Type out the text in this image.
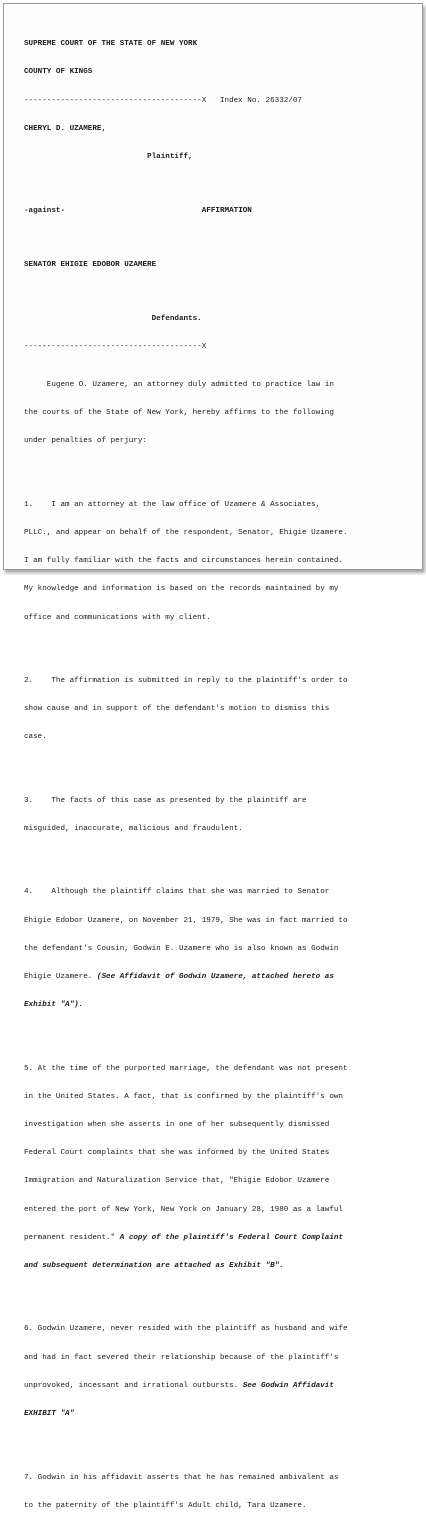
SUPREME COURT OF THE STATE OF NEW YORK

COUNTY OF KINGS

---------------------------------------X Index No. 26332/07

CHERYL D. UZAMERE,

Plaintiff,

-against-	AFFIRMATION

SENATOR EHIGIE EDOBOR UZAMERE

Defendants.

---------------------------------------X

Eugene O. Uzamere, an attorney duly admitted to practice law in

the courts of the State of New York, hereby affirms to the following

under penalties of perjury:

1.    I am an attorney at the law office of Uzamere & Associates,

PLLC., and appear on behalf of the respondent, Senator, Ehigie Uzamere.

I am fully familiar with the facts and circumstances herein contained.

My knowledge and information is based on the records maintained by my

office and communications with my client.

2.    The affirmation is submitted in reply to the plaintiff's order to

show cause and in support of the defendant's motion to dismiss this

case.

3.    The facts of this case as presented by the plaintiff are

misguided, inaccurate, malicious and fraudulent.

4.    Although the plaintiff claims that she was married to Senator

Ehigie Edobor Uzamere, on November 21, 1979, She was in fact married to

the defendant's Cousin, Godwin E. Uzamere who is also known as Godwin

Ehigie Uzamere. (See Affidavit of Godwin Uzamere, attached hereto as

Exhibit "A").

5. At the time of the purported marriage, the defendant was not present

in the United States. A fact, that is confirmed by the plaintiff's own

investigation when she asserts in one of her subsequently dismissed

Federal Court complaints that she was informed by the United States

Immigration and Naturalization Service that, "Ehigie Edobor Uzamere

entered the port of New York, New York on January 28, 1980 as a lawful

permanent resident." A copy of the plaintiff's Federal Court Complaint

and subsequent determination are attached as Exhibit "B".

6. Godwin Uzamere, never resided with the plaintiff as husband and wife

and had in fact severed their relationship because of the plaintiff's

unprovoked, incessant and irrational outbursts. See Godwin Affidavit

EXHIBIT "A"

7. Godwin in his affidavit asserts that he has remained ambivalent as

to the paternity of the plaintiff's Adult child, Tara Uzamere.
